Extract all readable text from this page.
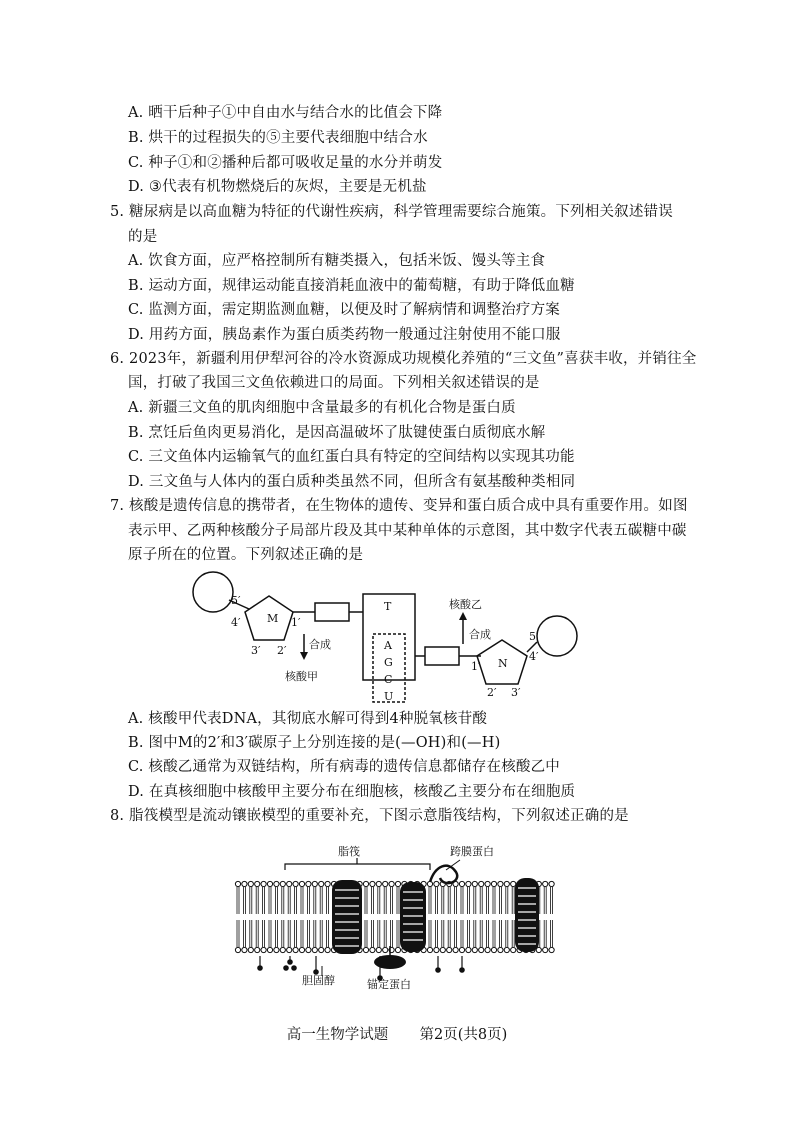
A. 晒干后种子①中自由水与结合水的比值会下降
B. 烘干的过程损失的⑤主要代表细胞中结合水
C. 种子①和②播种后都可吸收足量的水分并萌发
D. ③代表有机物燃烧后的灰烬，主要是无机盐
5. 糖尿病是以高血糖为特征的代谢性疾病，科学管理需要综合施策。下列相关叙述错误
的是
A. 饮食方面，应严格控制所有糖类摄入，包括米饭、馒头等主食
B. 运动方面，规律运动能直接消耗血液中的葡萄糖，有助于降低血糖
C. 监测方面，需定期监测血糖，以便及时了解病情和调整治疗方案
D. 用药方面，胰岛素作为蛋白质类药物一般通过注射使用不能口服
6. 2023年，新疆利用伊犁河谷的冷水资源成功规模化养殖的“三文鱼”喜获丰收，并销往全
国，打破了我国三文鱼依赖进口的局面。下列相关叙述错误的是
A. 新疆三文鱼的肌肉细胞中含量最多的有机化合物是蛋白质
B. 烹饪后鱼肉更易消化，是因高温破坏了肽键使蛋白质彻底水解
C. 三文鱼体内运输氧气的血红蛋白具有特定的空间结构以实现其功能
D. 三文鱼与人体内的蛋白质种类虽然不同，但所含有氨基酸种类相同
7. 核酸是遗传信息的携带者，在生物体的遗传、变异和蛋白质合成中具有重要作用。如图
表示甲、乙两种核酸分子局部片段及其中某种单体的示意图，其中数字代表五碳糖中碳
原子所在的位置。下列叙述正确的是
M
5′
4′	1′
3′ 2′ 合成
核酸甲
T
A
G
C
U
核酸乙
合成
N
1′
5′
4′
2′ 3′
A. 核酸甲代表DNA，其彻底水解可得到4种脱氧核苷酸
B. 图中M的2′和3′碳原子上分别连接的是(—OH)和(—H)
C. 核酸乙通常为双链结构，所有病毒的遗传信息都储存在核酸乙中
D. 在真核细胞中核酸甲主要分布在细胞核，核酸乙主要分布在细胞质
8. 脂筏模型是流动镶嵌模型的重要补充，下图示意脂筏结构，下列叙述正确的是
脂筏	跨膜蛋白
胆固醇	锚定蛋白
高一生物学试题 第2页(共8页)
